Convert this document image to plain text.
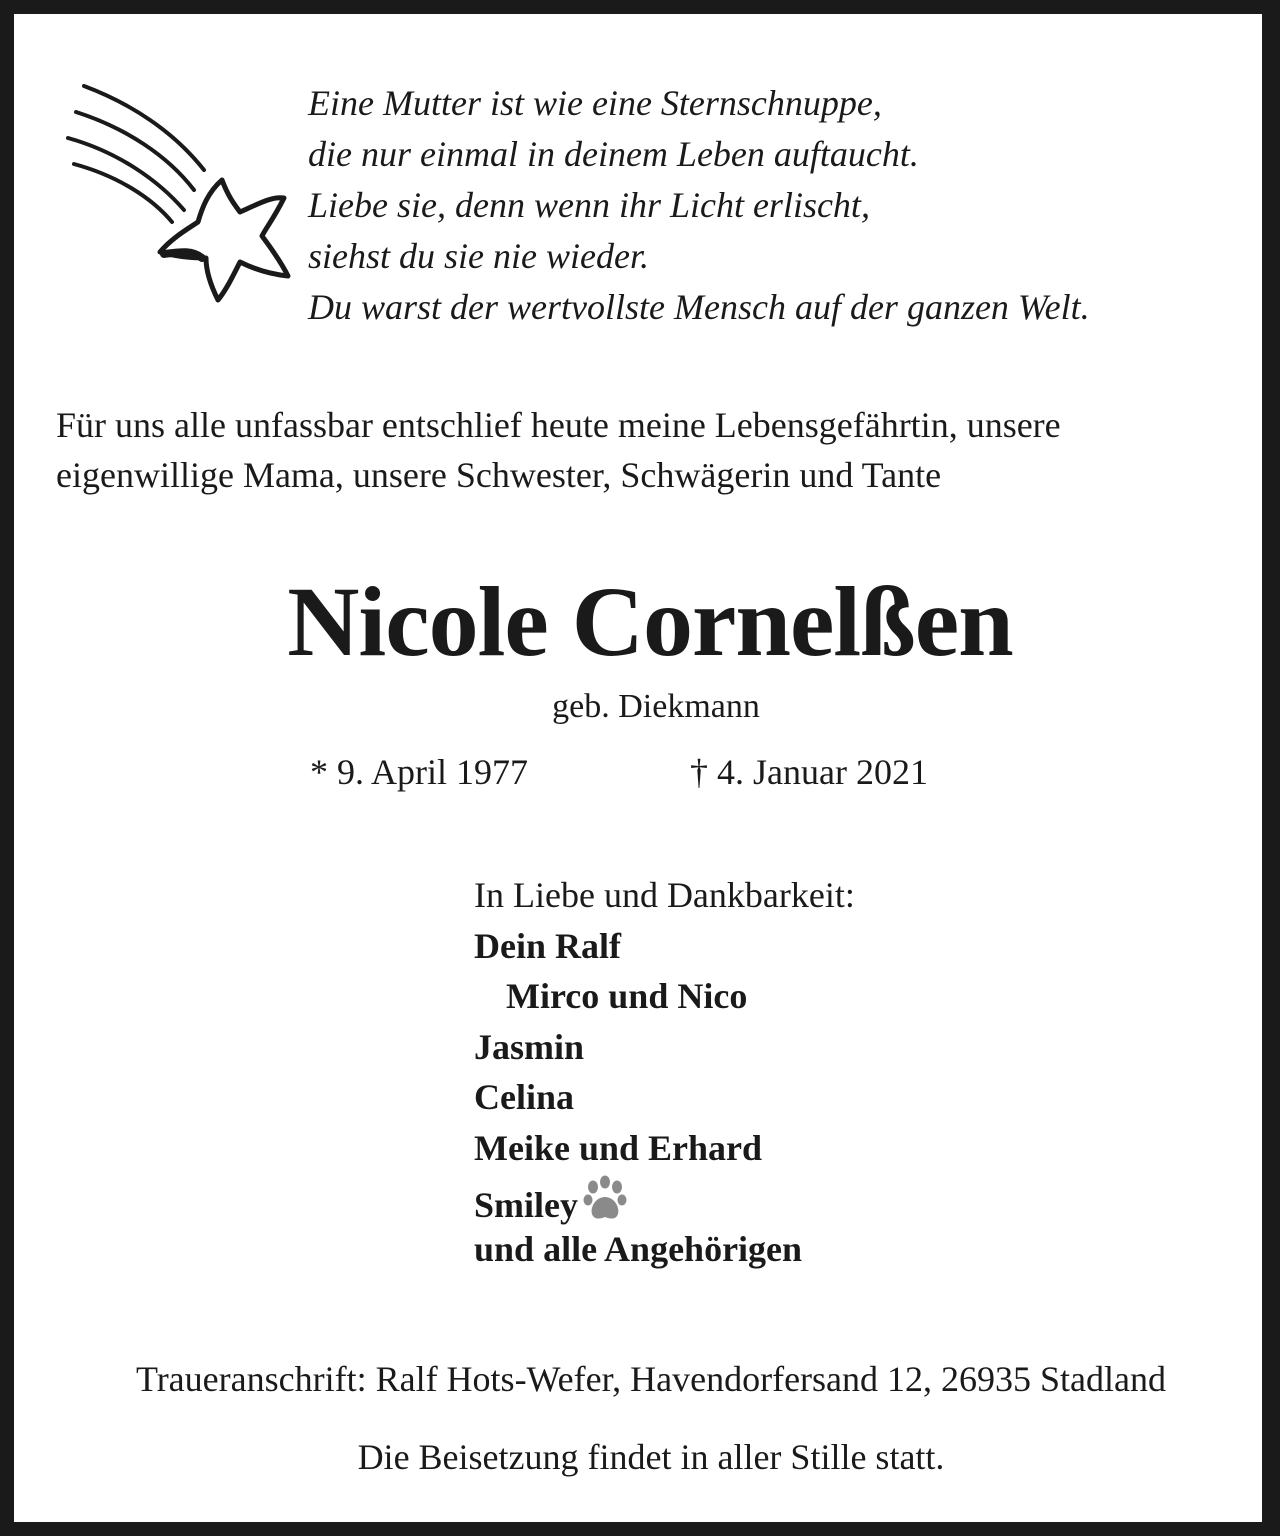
Eine Mutter ist wie eine Sternschnuppe,
die nur einmal in deinem Leben auftaucht.
Liebe sie, denn wenn ihr Licht erlischt,
siehst du sie nie wieder.
Du warst der wertvollste Mensch auf der ganzen Welt.
Für uns alle unfassbar entschlief heute meine Lebensgefährtin, unsere
eigenwillige Mama, unsere Schwester, Schwägerin und Tante
Nicole Cornelßen
geb. Diekmann
* 9. April 1977	† 4. Januar 2021
In Liebe und Dankbarkeit:
Dein Ralf
Mirco und Nico
Jasmin
Celina
Meike und Erhard
Smiley
und alle Angehörigen
Traueranschrift: Ralf Hots-Wefer, Havendorfersand 12, 26935 Stadland
Die Beisetzung findet in aller Stille statt.
